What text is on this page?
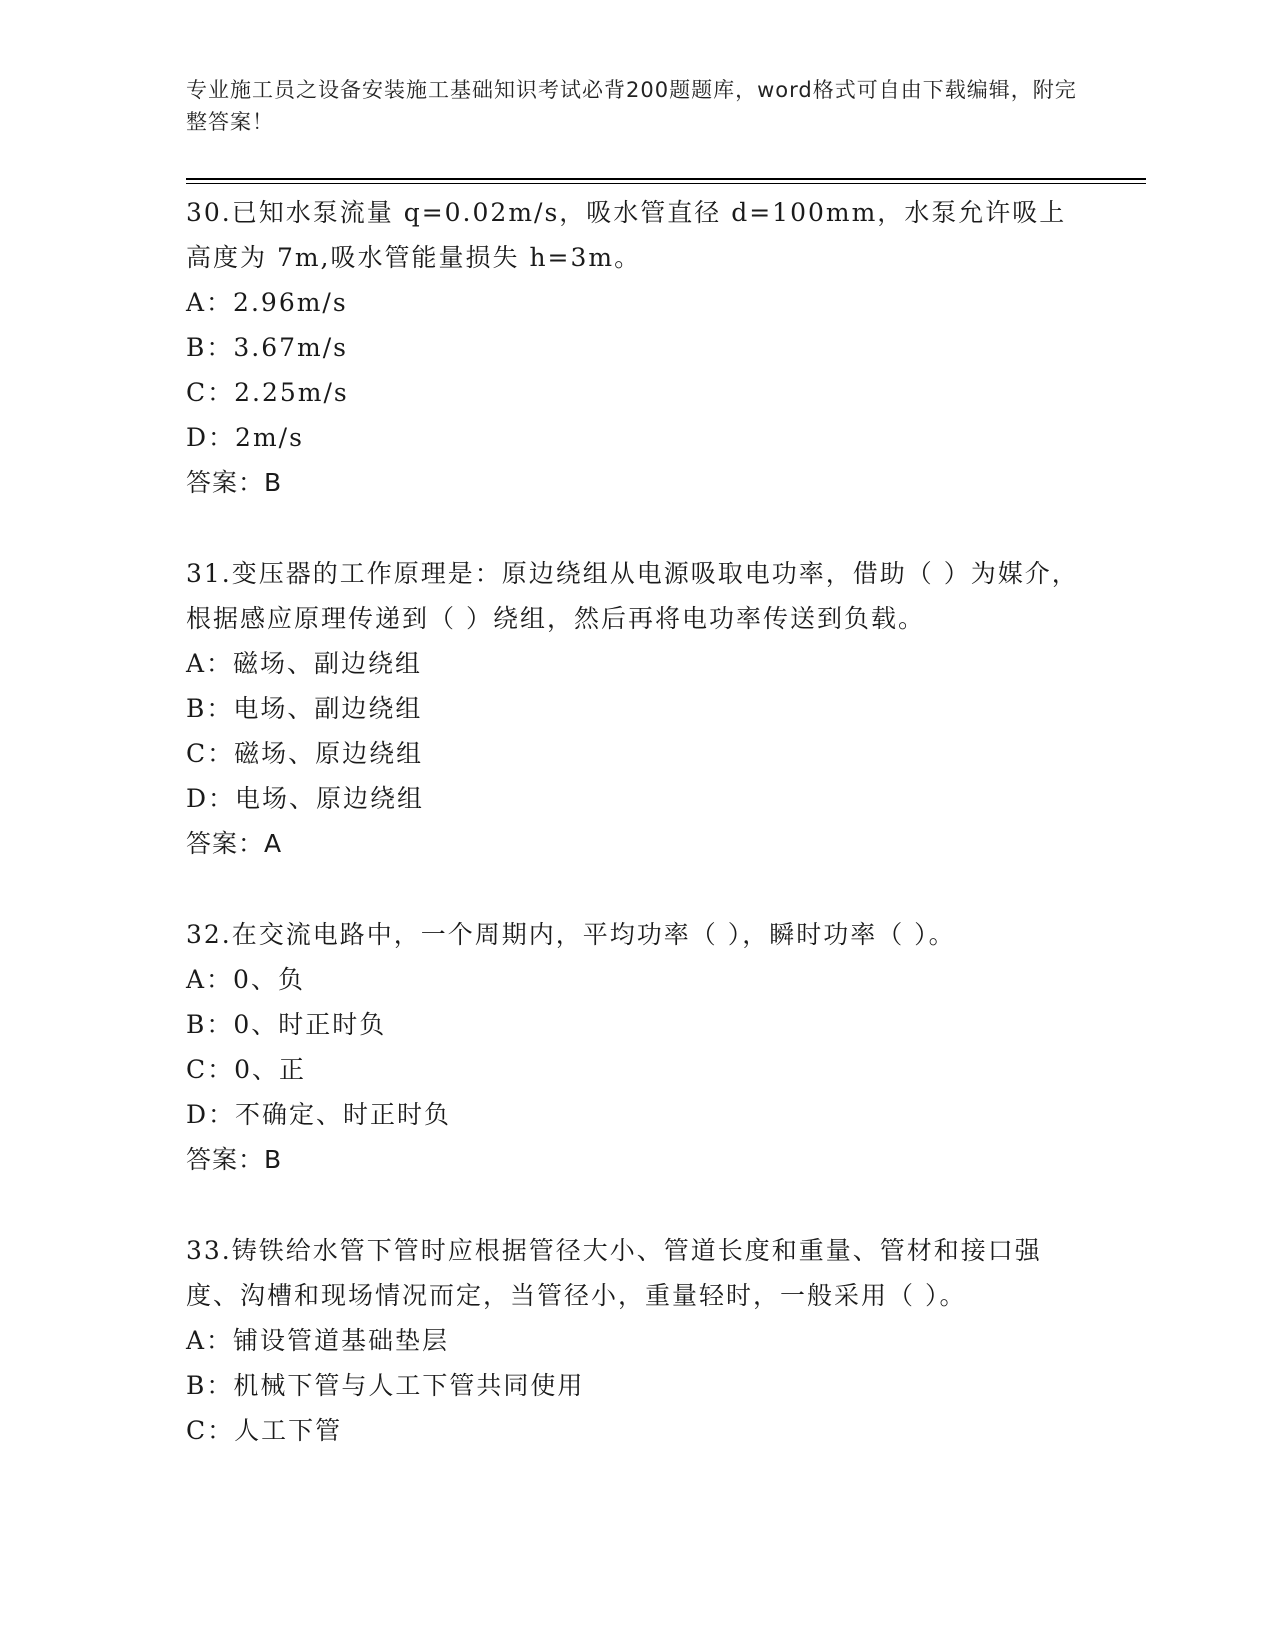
专业施工员之设备安装施工基础知识考试必背200题题库，word格式可自由下载编辑，附完整答案！

30.已知水泵流量 q=0.02m/s，吸水管直径 d=100mm，水泵允许吸上高度为 7m,吸水管能量损失 h=3m。

A：2.96m/s

B：3.67m/s

C：2.25m/s

D：2m/s

答案：B

31.变压器的工作原理是：原边绕组从电源吸取电功率，借助（ ）为媒介，根据感应原理传递到（ ）绕组，然后再将电功率传送到负载。

A：磁场、副边绕组

B：电场、副边绕组

C：磁场、原边绕组

D：电场、原边绕组

答案：A

32.在交流电路中，一个周期内，平均功率（ ），瞬时功率（ ）。

A：0、负

B：0、时正时负

C：0、正

D：不确定、时正时负

答案：B

33.铸铁给水管下管时应根据管径大小、管道长度和重量、管材和接口强度、沟槽和现场情况而定，当管径小，重量轻时，一般采用（ ）。

A：铺设管道基础垫层

B：机械下管与人工下管共同使用

C：人工下管
